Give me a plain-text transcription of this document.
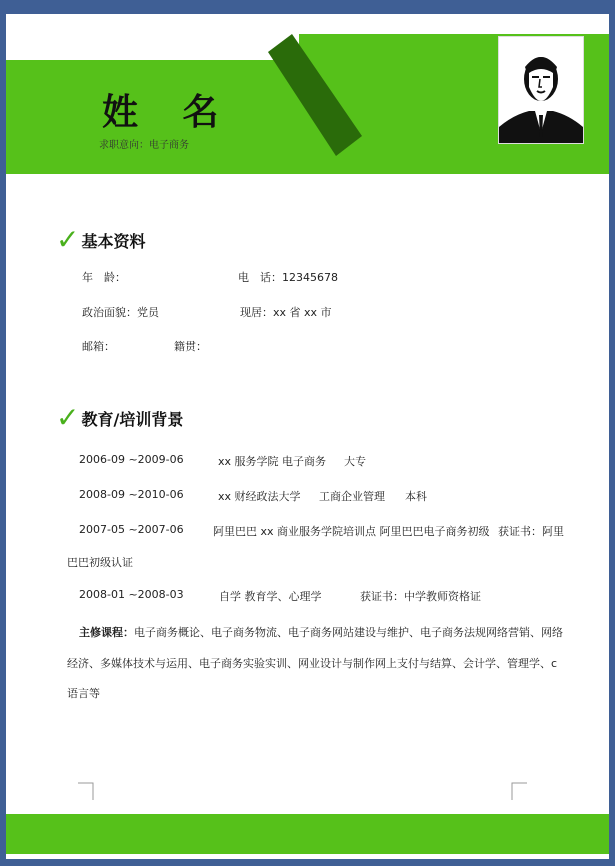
姓 名
求职意向：电子商务
✓ 基本资料
年　龄：	电　话：12345678
政治面貌：党员	现居：xx 省 xx 市
邮箱：	籍贯：
✓ 教育/培训背景
2006-09 ~2009-06	xx 服务学院 电子商务 大专
2008-09 ~2010-06	xx 财经政法大学 工商企业管理 本科
2007-05 ~2007-06	阿里巴巴 xx 商业服务学院培训点 阿里巴巴电子商务初级 获证书：阿里
巴巴初级认证
2008-01 ~2008-03	自学 教育学、心理学	获证书：中学教师资格证
主修课程：电子商务概论、电子商务物流、电子商务网站建设与维护、电子商务法规网络营销、网络
经济、多媒体技术与运用、电子商务实验实训、网业设计与制作网上支付与结算、会计学、管理学、c
语言等
